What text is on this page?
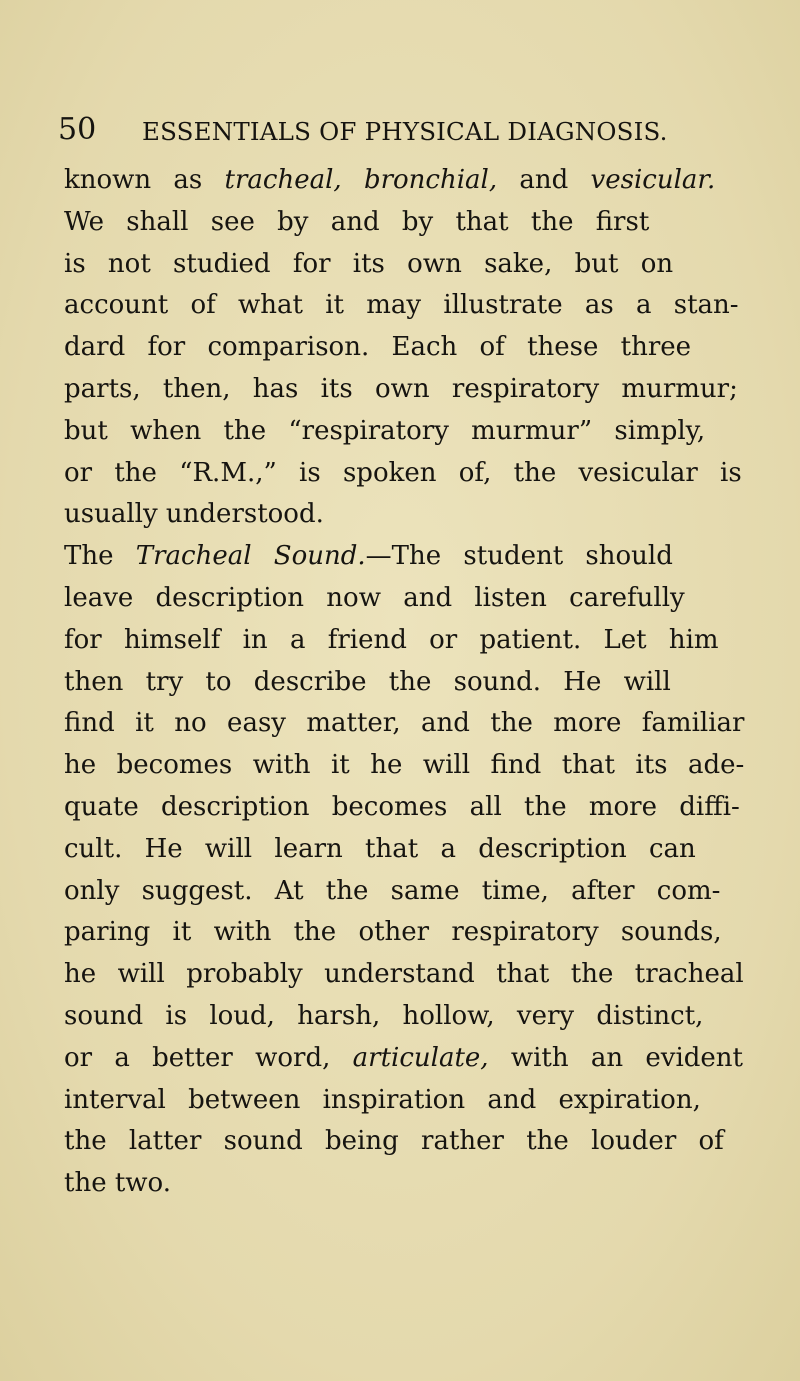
50 ESSENTIALS OF PHYSICAL DIAGNOSIS.
known as tracheal, bronchial, and vesicular.
We shall see by and by that the first
is not studied for its own sake, but on
account of what it may illustrate as a stan-
dard for comparison. Each of these three
parts, then, has its own respiratory murmur;
but when the “respiratory murmur” simply,
or the “R.M.,” is spoken of, the vesicular is
usually understood.
The Tracheal Sound.—The student should
leave description now and listen carefully
for himself in a friend or patient. Let him
then try to describe the sound. He will
find it no easy matter, and the more familiar
he becomes with it he will find that its ade-
quate description becomes all the more diffi-
cult. He will learn that a description can
only suggest. At the same time, after com-
paring it with the other respiratory sounds,
he will probably understand that the tracheal
sound is loud, harsh, hollow, very distinct,
or a better word, articulate, with an evident
interval between inspiration and expiration,
the latter sound being rather the louder of
the two.
